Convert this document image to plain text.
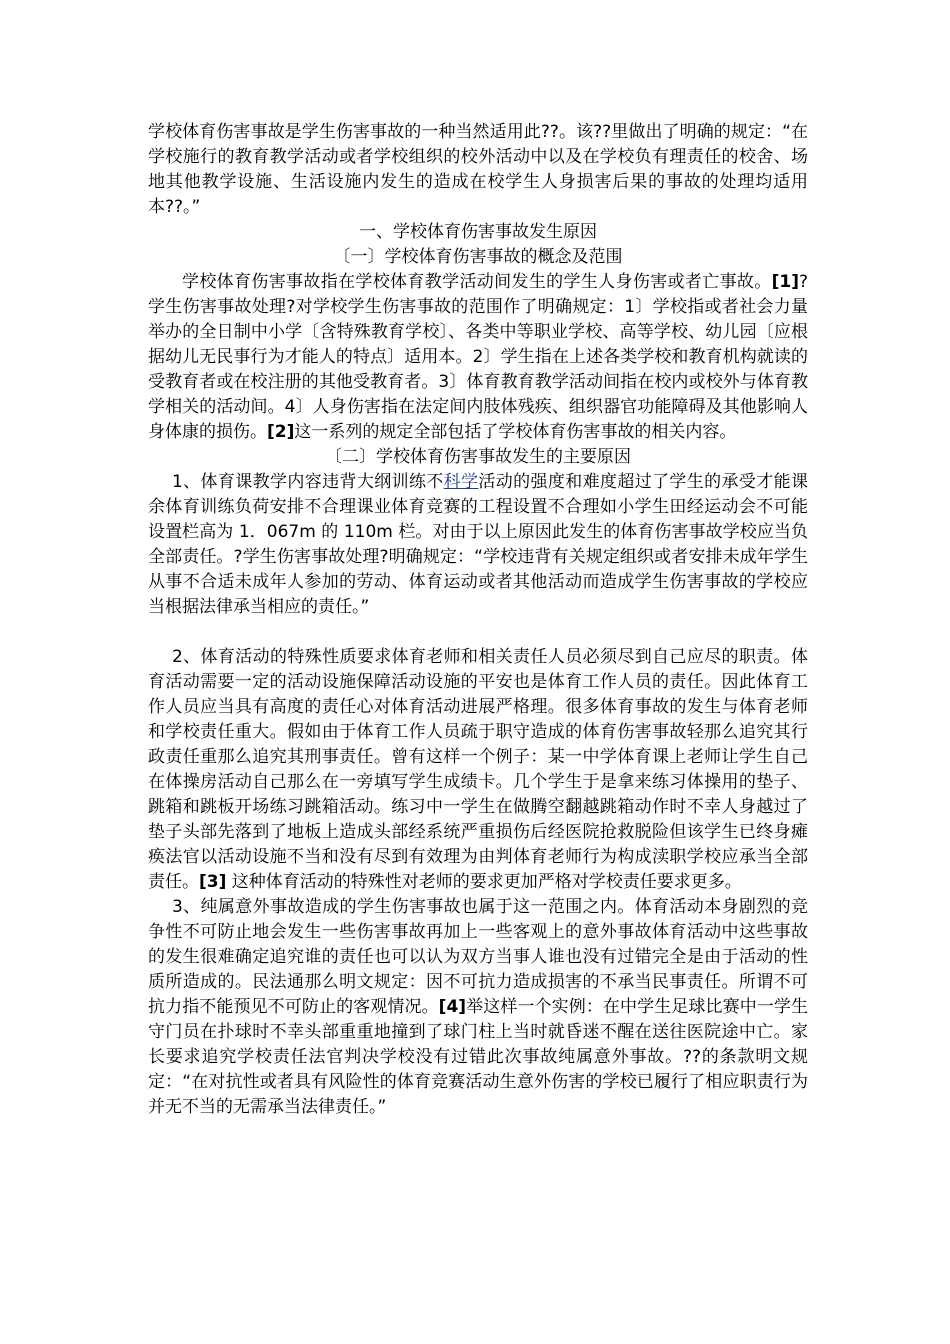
学校体育伤害事故是学生伤害事故的一种当然适用此??。该??里做出了明确的规定：“在学校施行的教育教学活动或者学校组织的校外活动中以及在学校负有理责任的校舍、场地其他教学设施、生活设施内发生的造成在校学生人身损害后果的事故的处理均适用本??。”

一、学校体育伤害事故发生原因

〔一〕学校体育伤害事故的概念及范围

学校体育伤害事故指在学校体育教学活动间发生的学生人身伤害或者亡事故。[1]?学生伤害事故处理?对学校学生伤害事故的范围作了明确规定：1〕学校指或者社会力量举办的全日制中小学〔含特殊教育学校〕、各类中等职业学校、高等学校、幼儿园〔应根据幼儿无民事行为才能人的特点〕适用本。2〕学生指在上述各类学校和教育机构就读的受教育者或在校注册的其他受教育者。3〕体育教育教学活动间指在校内或校外与体育教学相关的活动间。4〕人身伤害指在法定间内肢体残疾、组织器官功能障碍及其他影响人身体康的损伤。[2]这一系列的规定全部包括了学校体育伤害事故的相关内容。

〔二〕学校体育伤害事故发生的主要原因

1、体育课教学内容违背大纲训练不科学活动的强度和难度超过了学生的承受才能课余体育训练负荷安排不合理课业体育竞赛的工程设置不合理如小学生田经运动会不可能设置栏高为 1．067m 的 110m 栏。对由于以上原因此发生的体育伤害事故学校应当负全部责任。?学生伤害事故处理?明确规定：“学校违背有关规定组织或者安排未成年学生从事不合适未成年人参加的劳动、体育运动或者其他活动而造成学生伤害事故的学校应当根据法律承当相应的责任。”

2、体育活动的特殊性质要求体育老师和相关责任人员必须尽到自己应尽的职责。体育活动需要一定的活动设施保障活动设施的平安也是体育工作人员的责任。因此体育工作人员应当具有高度的责任心对体育活动进展严格理。很多体育事故的发生与体育老师和学校责任重大。假如由于体育工作人员疏于职守造成的体育伤害事故轻那么追究其行政责任重那么追究其刑事责任。曾有这样一个例子：某一中学体育课上老师让学生自己在体操房活动自己那么在一旁填写学生成绩卡。几个学生于是拿来练习体操用的垫子、跳箱和跳板开场练习跳箱活动。练习中一学生在做腾空翻越跳箱动作时不幸人身越过了垫子头部先落到了地板上造成头部经系统严重损伤后经医院抢救脱险但该学生已终身瘫痪法官以活动设施不当和没有尽到有效理为由判体育老师行为构成渎职学校应承当全部责任。[3] 这种体育活动的特殊性对老师的要求更加严格对学校责任要求更多。

3、纯属意外事故造成的学生伤害事故也属于这一范围之内。体育活动本身剧烈的竞争性不可防止地会发生一些伤害事故再加上一些客观上的意外事故体育活动中这些事故的发生很难确定追究谁的责任也可以认为双方当事人谁也没有过错完全是由于活动的性质所造成的。民法通那么明文规定：因不可抗力造成损害的不承当民事责任。所谓不可抗力指不能预见不可防止的客观情况。[4]举这样一个实例：在中学生足球比赛中一学生守门员在扑球时不幸头部重重地撞到了球门柱上当时就昏迷不醒在送往医院途中亡。家长要求追究学校责任法官判决学校没有过错此次事故纯属意外事故。??的条款明文规定：“在对抗性或者具有风险性的体育竞赛活动生意外伤害的学校已履行了相应职责行为并无不当的无需承当法律责任。”
